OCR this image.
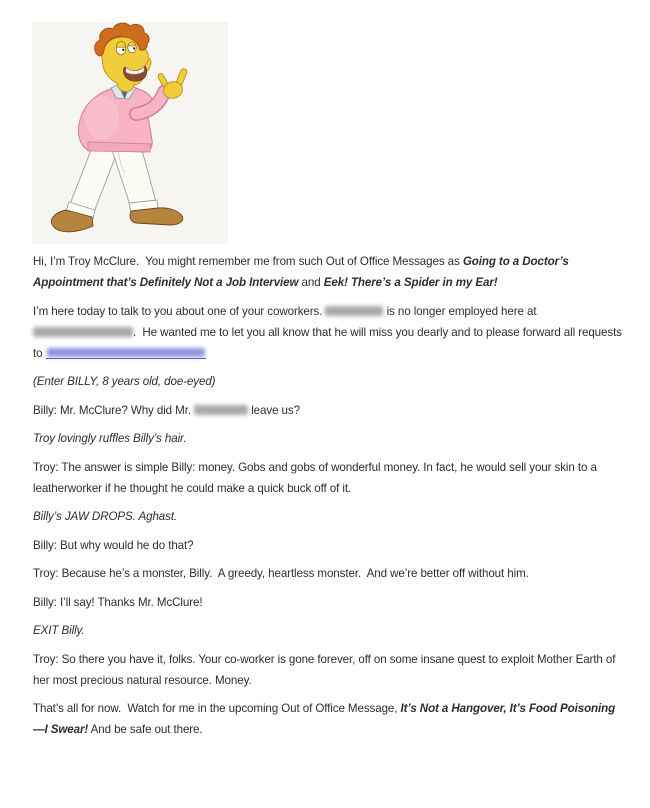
Hi, I’m Troy McClure.  You might remember me from such Out of Office Messages as Going to a Doctor’s Appointment that’s Definitely Not a Job Interview and Eek! There’s a Spider in my Ear!

I’m here today to talk to you about one of your coworkers.	is no longer employed here at .  He wanted me to let you all know that he will miss you dearly and to please forward all requests to

(Enter BILLY, 8 years old, doe-eyed)

Billy: Mr. McClure? Why did Mr.	leave us?

Troy lovingly ruffles Billy’s hair.

Troy: The answer is simple Billy: money. Gobs and gobs of wonderful money. In fact, he would sell your skin to a leatherworker if he thought he could make a quick buck off of it.

Billy’s JAW DROPS. Aghast.

Billy: But why would he do that?

Troy: Because he’s a monster, Billy.  A greedy, heartless monster.  And we’re better off without him.

Billy: I’ll say! Thanks Mr. McClure!

EXIT Billy.

Troy: So there you have it, folks. Your co-worker is gone forever, off on some insane quest to exploit Mother Earth of her most precious natural resource. Money.

That’s all for now.  Watch for me in the upcoming Out of Office Message, It’s Not a Hangover, It’s Food Poisoning—I Swear! And be safe out there.
